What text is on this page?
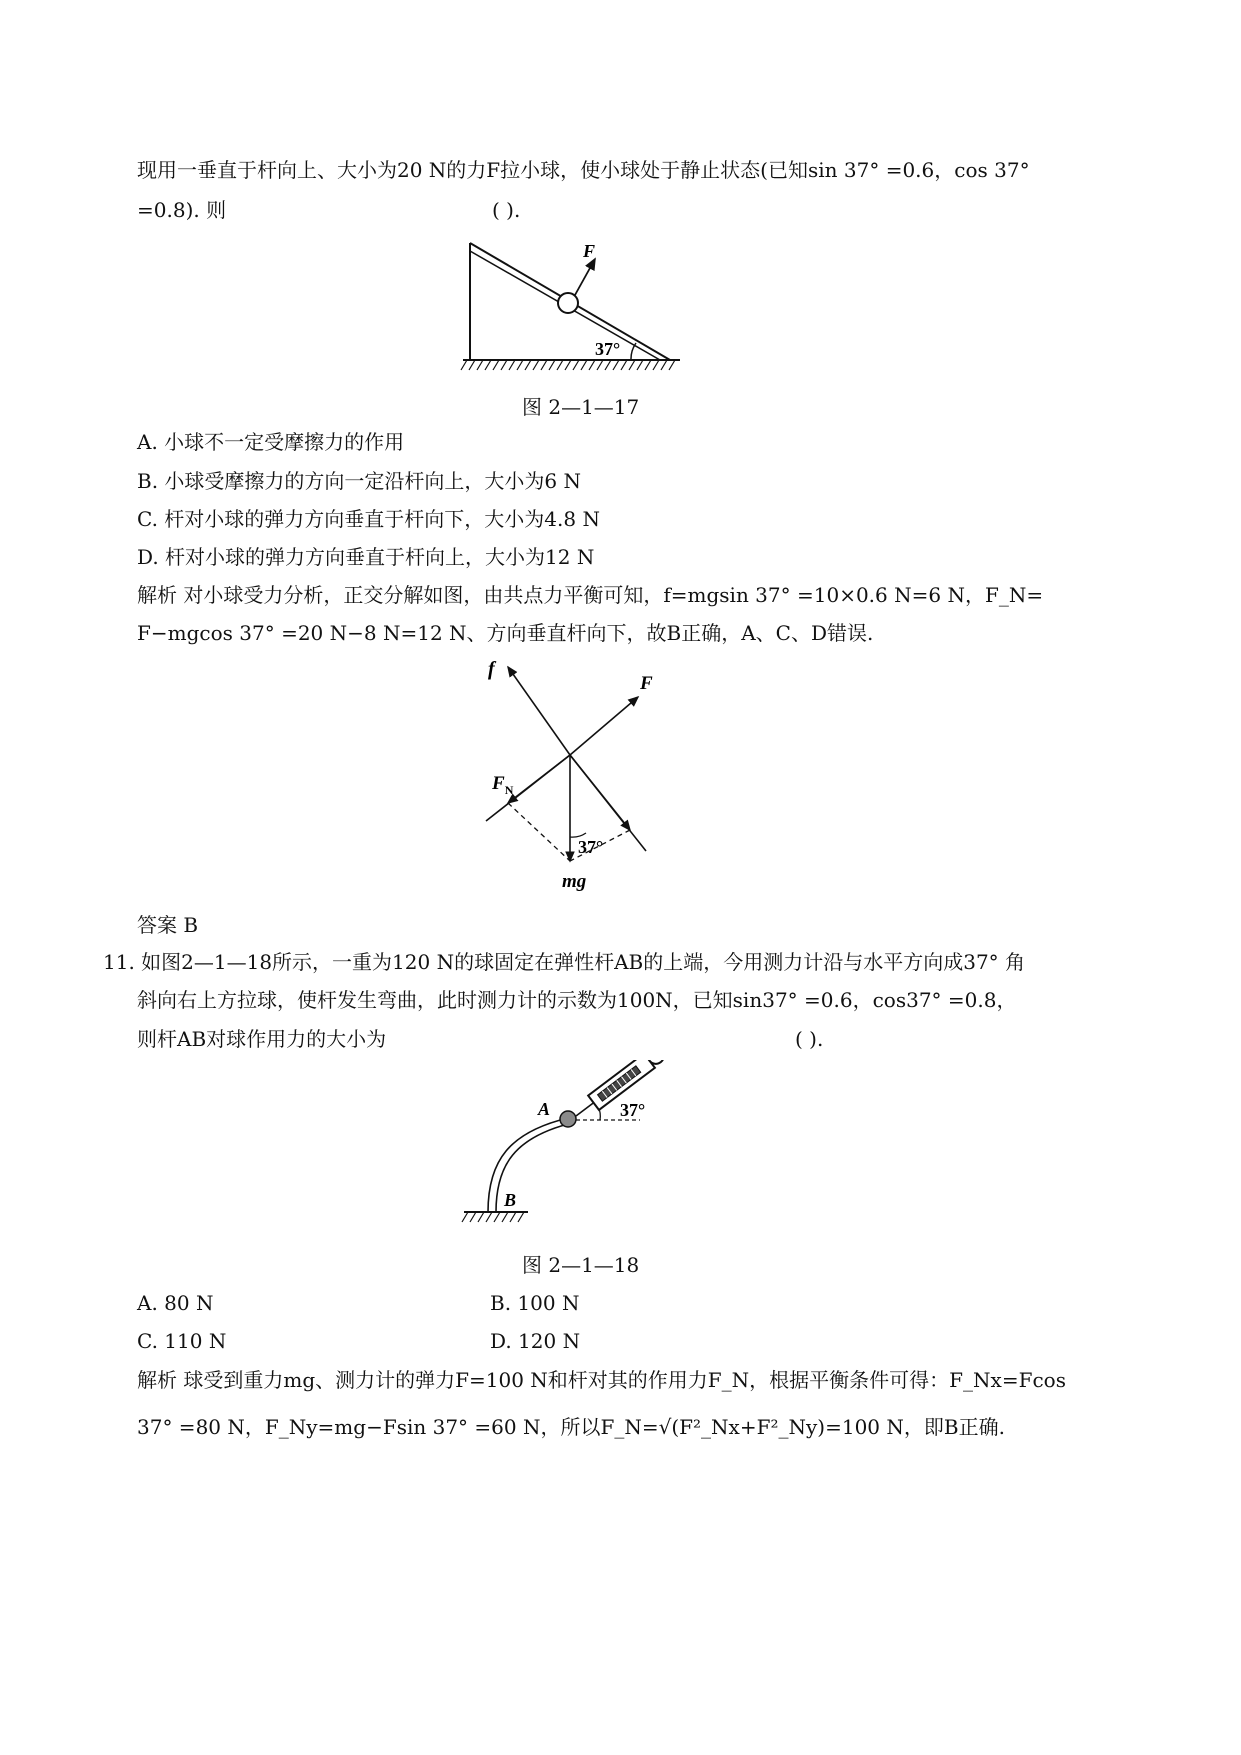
现用一垂直于杆向上、大小为20 N的力F拉小球，使小球处于静止状态(已知sin 37° =0.6，cos 37°
=0.8). 则	( ).
F
37°
图 2—1—17
A. 小球不一定受摩擦力的作用
B. 小球受摩擦力的方向一定沿杆向上，大小为6 N
C. 杆对小球的弹力方向垂直于杆向下，大小为4.8 N
D. 杆对小球的弹力方向垂直于杆向上，大小为12 N
解析 对小球受力分析，正交分解如图，由共点力平衡可知，f=mgsin 37° =10×0.6 N=6 N，F_N=
F−mgcos 37° =20 N−8 N=12 N、方向垂直杆向下，故B正确，A、C、D错误.
f
F
$F_N$
37°
mg
答案 B
11. 如图2—1—18所示，一重为120 N的球固定在弹性杆AB的上端，今用测力计沿与水平方向成37° 角
斜向右上方拉球，使杆发生弯曲，此时测力计的示数为100N，已知sin37° =0.6，cos37° =0.8，
则杆AB对球作用力的大小为	( ).
A
B
37°
图 2—1—18
A. 80 N	B. 100 N
C. 110 N	D. 120 N
解析 球受到重力mg、测力计的弹力F=100 N和杆对其的作用力F_N，根据平衡条件可得：F_Nx=Fcos
37° =80 N，F_Ny=mg−Fsin 37° =60 N，所以F_N=√(F²_Nx+F²_Ny)=100 N，即B正确.
